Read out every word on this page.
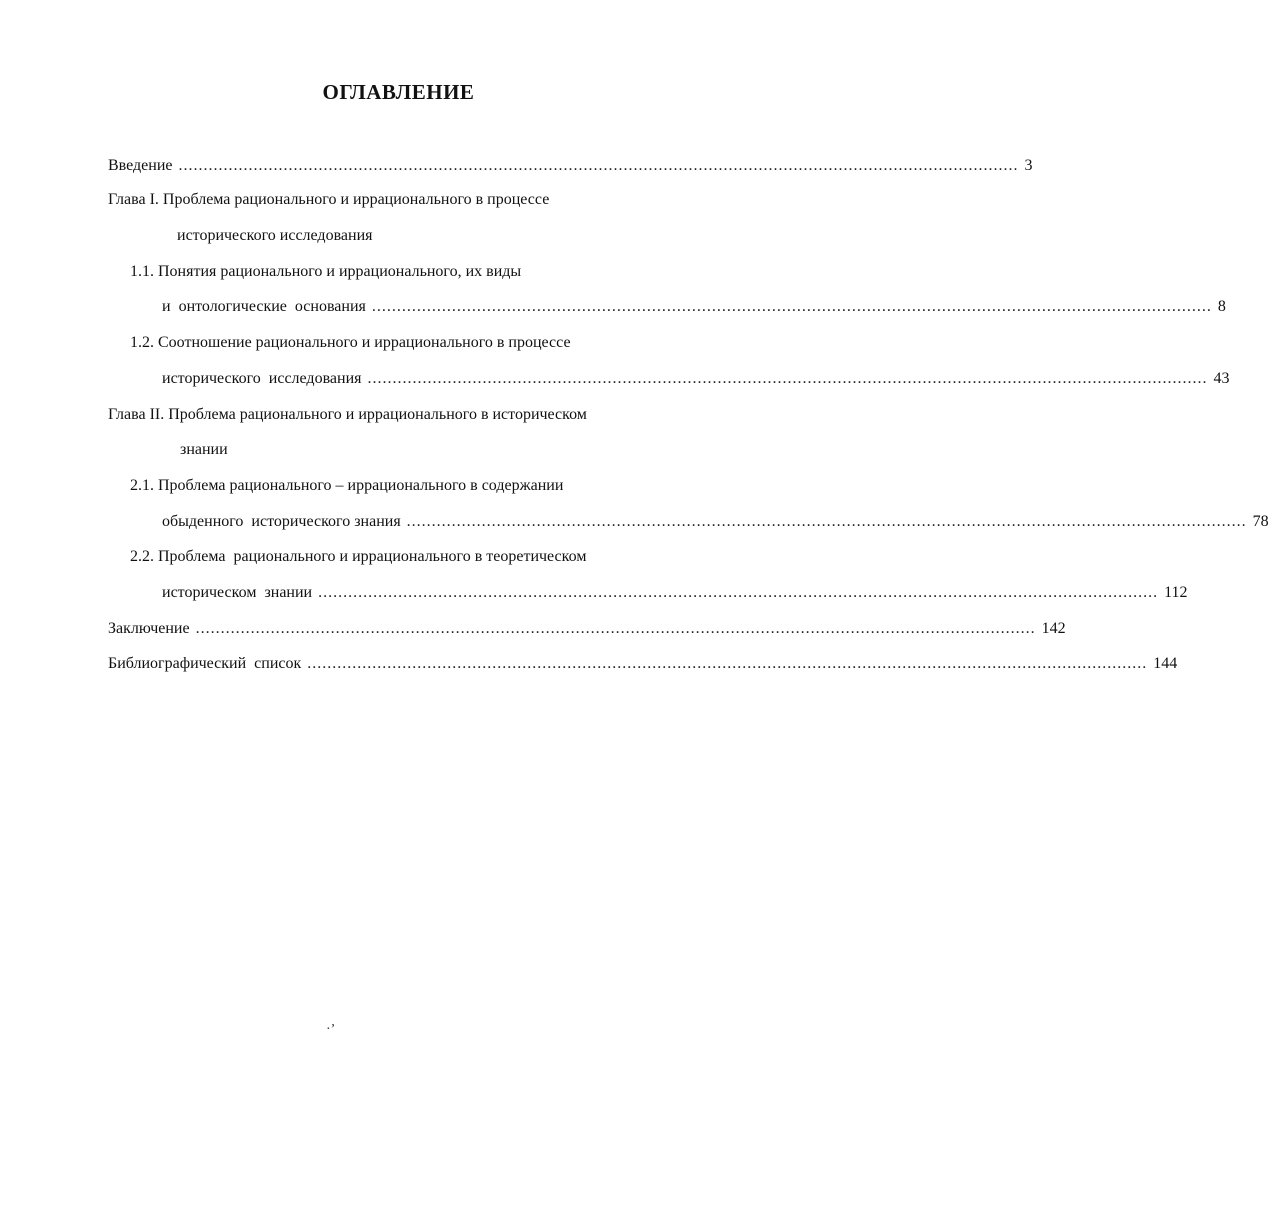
ОГЛАВЛЕНИЕ
Введение ........................................................................................................................................................................ 3
Глава I. Проблема рационального и иррационального в процессе
исторического исследования
1.1. Понятия рационального и иррационального, их виды
и  онтологические  основания ........................................................................................................................................................................ 8
1.2. Соотношение рационального и иррационального в процессе
исторического  исследования ........................................................................................................................................................................ 43
Глава II. Проблема рационального и иррационального в историческом
знании
2.1. Проблема рационального – иррационального в содержании
обыденного  исторического знания ........................................................................................................................................................................ 78
2.2. Проблема  рационального и иррационального в теоретическом
историческом  знании ........................................................................................................................................................................ 112
Заключение ........................................................................................................................................................................ 142
Библиографический  список ........................................................................................................................................................................ 144
·’
